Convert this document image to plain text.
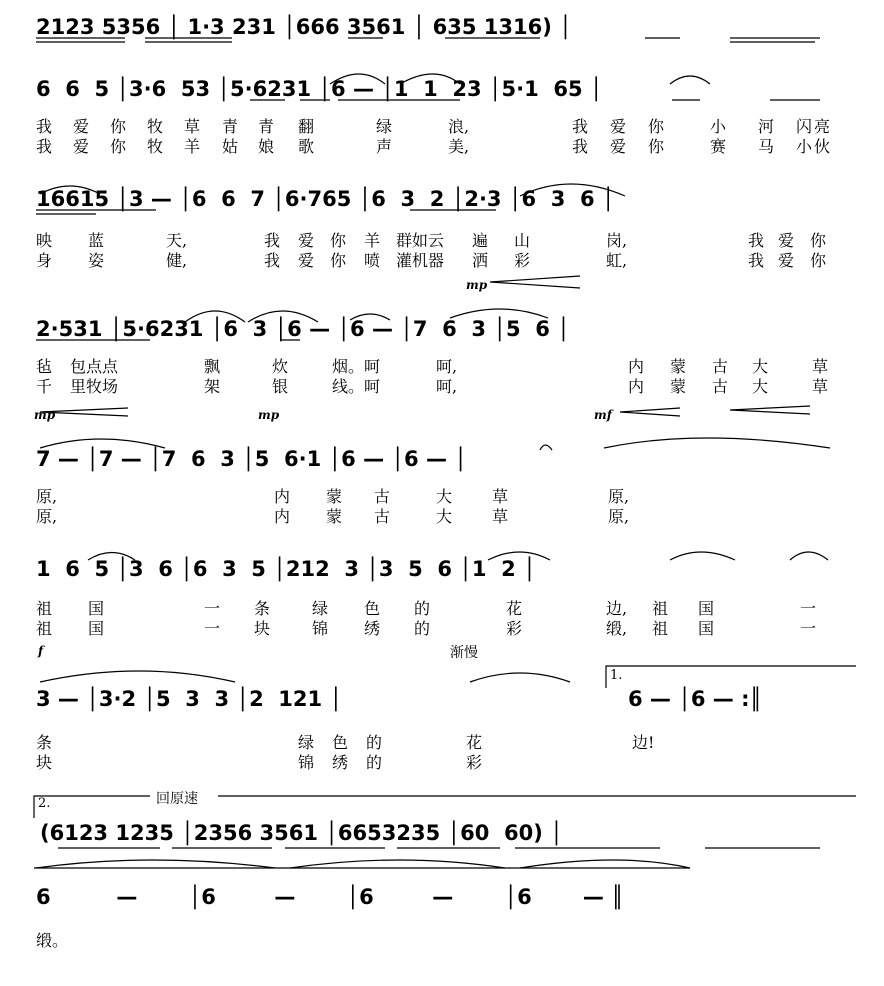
2123 5356 │ 1·3 231 │666 3561 │ 635 1316) │
6  6  5 │3·6  53 │5·6231 │6 — │1  1  23 │5·1  65 │

我 爱 你 牧 草 青 青 翻	绿	浪,	我 爱 你	小 河 闪 亮

我 爱 你 牧 羊 姑 娘 歌	声	美,	我 爱 你	赛 马 小 伙

16615 │3 — │6  6  7 │6·765 │6  3  2 │2·3 │6  3  6 │

映 蓝	天,	我 爱 你 羊 群如云 遍 山	岗,	我 爱 你

身 姿	健,	我 爱 你 喷 灌机器 洒 彩	虹,	我 爱 你

mp
2·531 │5·6231 │6  3 │6 — │6 — │7  6  3 │5  6 │

毡 包点点	飘	炊	烟。呵	呵,	内 蒙 古 大	草

千 里牧场	架	银	线。呵	呵,	内 蒙 古 大	草

mp	mp	mf
7 — │7 — │7  6  3 │5  6·1 │6 — │6 — │

原,	内 蒙 古	大 草	原,

原,	内 蒙 古	大 草	原,

1  6  5 │3  6 │6  3  5 │212  3 │3  5  6 │1  2 │

祖 国	一 条	绿 色 的	花	边, 祖 国	一

祖 国	一 块	锦 绣 的	彩	缎, 祖 国	一

f	渐慢
3 — │3·2 │5  3  3 │2  121 │	6 — │6 — :║
1.

条	绿 色 的	花	边!

块	锦 绣 的	彩

2.	回原速
(6123 1235 │2356 3561 │6653235 │60  60) │
6         —       │6        —       │6        —       │6       — ║

缎。
